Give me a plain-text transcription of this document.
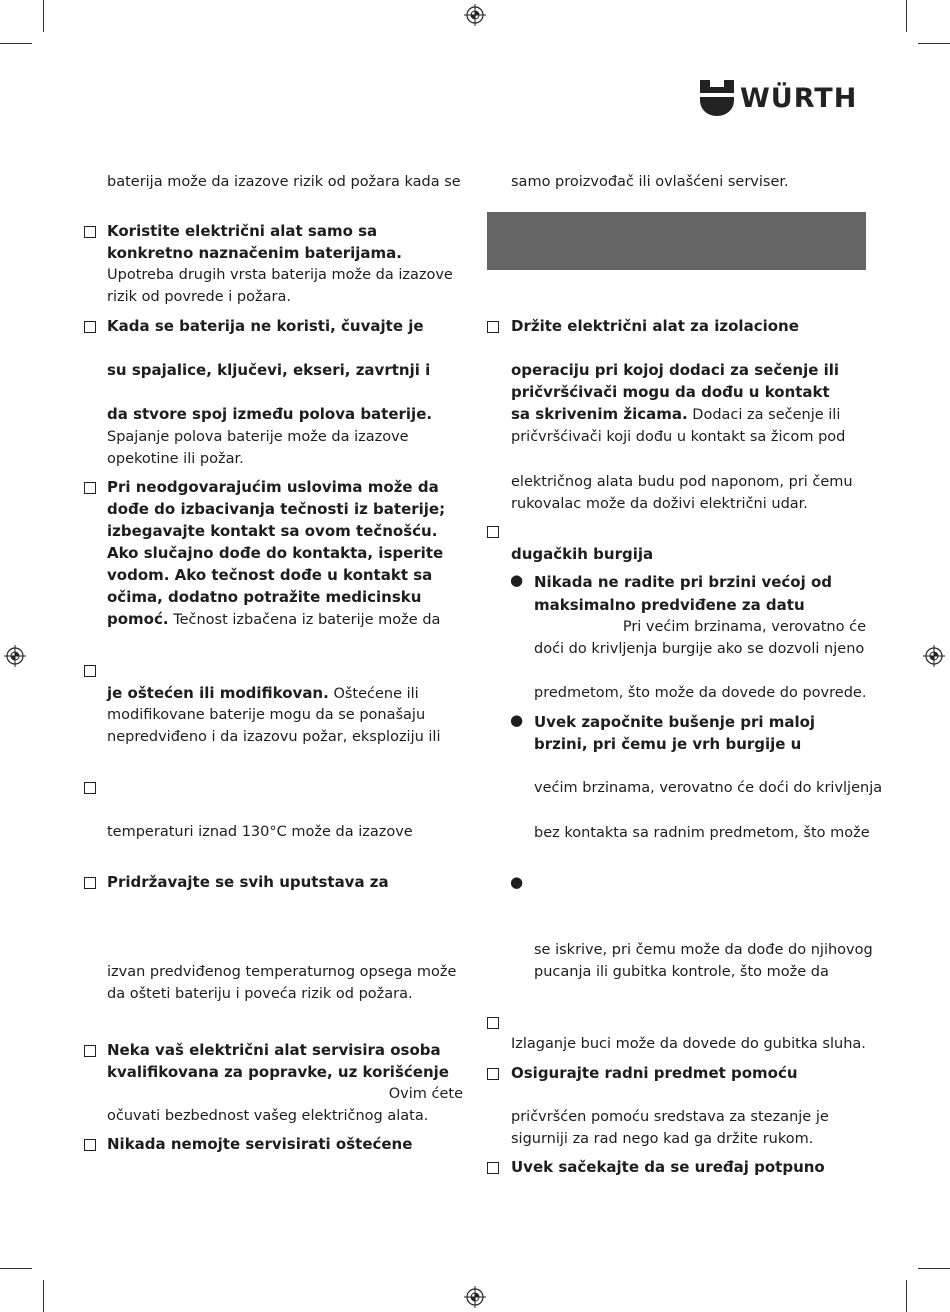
WÜRTH
baterija može da izazove rizik od požara kada se
Koristite električni alat samo sa
konkretno naznačenim baterijama.
Upotreba drugih vrsta baterija može da izazove
rizik od povrede i požara.
Kada se baterija ne koristi, čuvajte je
su spajalice, ključevi, ekseri, zavrtnji i
da stvore spoj između polova baterije.
Spajanje polova baterije može da izazove
opekotine ili požar.
Pri neodgovarajućim uslovima može da
dođe do izbacivanja tečnosti iz baterije;
izbegavajte kontakt sa ovom tečnošću.
Ako slučajno dođe do kontakta, isperite
vodom. Ako tečnost dođe u kontakt sa
očima, dodatno potražite medicinsku
pomoć. Tečnost izbačena iz baterije može da
je oštećen ili modifikovan. Oštećene ili
modifikovane baterije mogu da se ponašaju
nepredviđeno i da izazovu požar, eksploziju ili
temperaturi iznad 130°C može da izazove
Pridržavajte se svih uputstava za
izvan predviđenog temperaturnog opsega može
da ošteti bateriju i poveća rizik od požara.
Neka vaš električni alat servisira osoba
kvalifikovana za popravke, uz korišćenje
Ovim ćete
očuvati bezbednost vašeg električnog alata.
Nikada nemojte servisirati oštećene
samo proizvođač ili ovlašćeni serviser.
Držite električni alat za izolacione
operaciju pri kojoj dodaci za sečenje ili
pričvršćivači mogu da dođu u kontakt
sa skrivenim žicama. Dodaci za sečenje ili
pričvršćivači koji dođu u kontakt sa žicom pod
električnog alata budu pod naponom, pri čemu
rukovalac može da doživi električni udar.
dugačkih burgija
● Nikada ne radite pri brzini većoj od
maksimalno predviđene za datu
Pri većim brzinama, verovatno će
doći do krivljenja burgije ako se dozvoli njeno
predmetom, što može da dovede do povrede.
● Uvek započnite bušenje pri maloj
brzini, pri čemu je vrh burgije u
većim brzinama, verovatno će doći do krivljenja
bez kontakta sa radnim predmetom, što može
●
se iskrive, pri čemu može da dođe do njihovog
pucanja ili gubitka kontrole, što može da
Izlaganje buci može da dovede do gubitka sluha.
Osigurajte radni predmet pomoću
pričvršćen pomoću sredstava za stezanje je
sigurniji za rad nego kad ga držite rukom.
Uvek sačekajte da se uređaj potpuno
